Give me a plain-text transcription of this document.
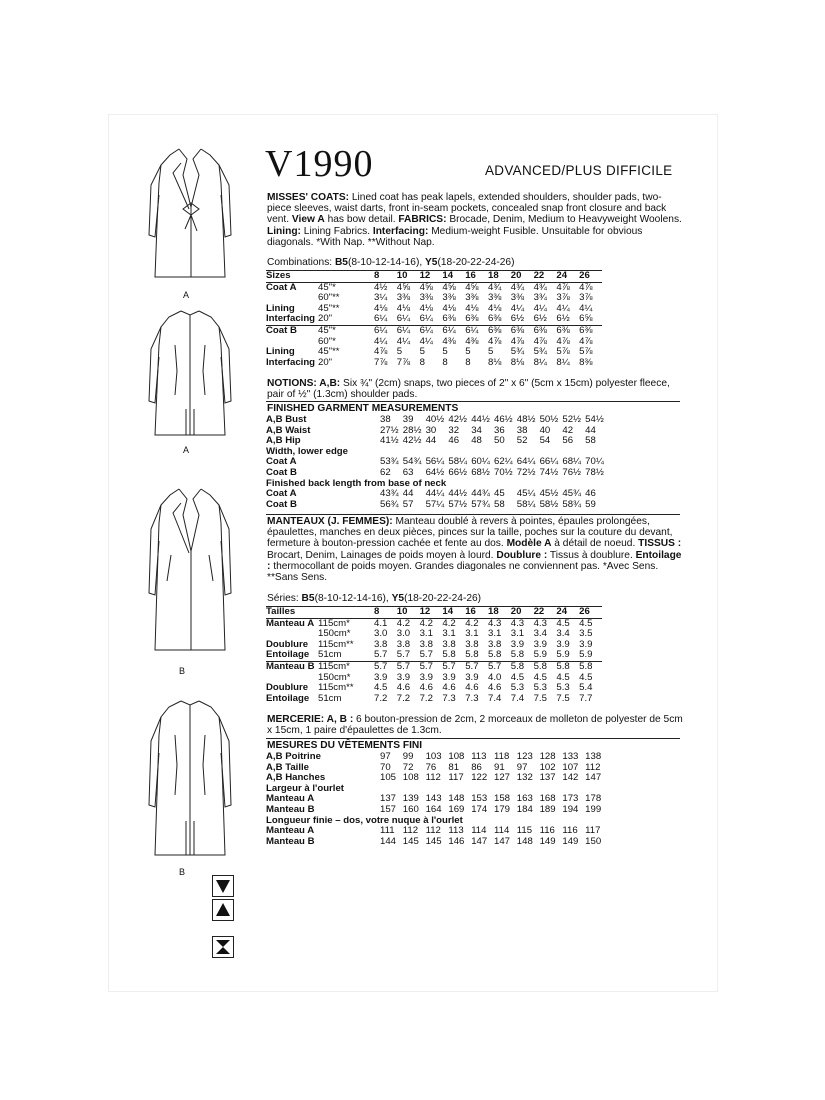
A
A
B
B
V1990	ADVANCED/PLUS DIFFICILE
MISSES' COATS: Lined coat has peak lapels, extended shoulders, shoulder pads, two-piece sleeves, waist darts, front in-seam pockets, concealed snap front closure and back vent. View A has bow detail. FABRICS: Brocade, Denim, Medium to Heavyweight Woolens. Lining: Lining Fabrics. Interfacing: Medium-weight Fusible. Unsuitable for obvious diagonals. *With Nap. **Without Nap.
Combinations: B5(8-10-12-14-16), Y5(18-20-22-24-26)
Sizes		8	10	12	14	16	18	20	22	24	26
Coat A	45"*	4½	4⅝	4⅝	4⅝	4⅝	4¾	4¾	4¾	4⅞	4⅞
	60"**	3¼	3⅜	3⅜	3⅜	3⅜	3⅜	3⅜	3¾	3⅞	3⅞
Lining	45"**	4⅛	4⅛	4⅛	4⅛	4⅛	4⅛	4¼	4¼	4¼	4¼
Interfacing	20"	6¼	6¼	6¼	6⅜	6⅜	6⅜	6½	6½	6½	6⅝
Coat B	45"*	6¼	6¼	6¼	6¼	6¼	6⅜	6⅜	6⅜	6⅜	6⅜
	60"*	4¼	4¼	4¼	4⅜	4⅜	4⅞	4⅞	4⅞	4⅞	4⅞
Lining	45"**	4⅞	5	5	5	5	5	5¾	5¾	5⅞	5⅞
Interfacing	20"	7⅞	7⅞	8	8	8	8⅛	8⅛	8¼	8¼	8⅜
NOTIONS: A,B: Six ¾" (2cm) snaps, two pieces of 2" x 6" (5cm x 15cm) polyester fleece, pair of ½" (1.3cm) shoulder pads.
FINISHED GARMENT MEASUREMENTS
A,B Bust	38	39	40½	42½	44½	46½	48½	50½	52½	54½
A,B Waist	27½	28½	30	32	34	36	38	40	42	44
A,B Hip	41½	42½	44	46	48	50	52	54	56	58
Width, lower edge										
Coat A	53¾	54¾	56¼	58¼	60¼	62¼	64¼	66¼	68¼	70¼
Coat B	62	63	64½	66½	68½	70½	72½	74½	76½	78½
Finished back length from base of neck										
Coat A	43¾	44	44¼	44½	44¾	45	45¼	45½	45¾	46
Coat B	56¾	57	57¼	57½	57¾	58	58¼	58½	58¾	59
MANTEAUX (J. FEMMES): Manteau doublé à revers à pointes, épaules prolongées, épaulettes, manches en deux pièces, pinces sur la taille, poches sur la couture du devant, fermeture à bouton-pression cachée et fente au dos. Modèle A à détail de noeud. TISSUS : Brocart, Denim, Lainages de poids moyen à lourd. Doublure : Tissus à doublure. Entoilage : thermocollant de poids moyen. Grandes diagonales ne conviennent pas. *Avec Sens. **Sans Sens.
Séries: B5(8-10-12-14-16), Y5(18-20-22-24-26)
Tailles		8	10	12	14	16	18	20	22	24	26
Manteau A	115cm*	4.1	4.2	4.2	4.2	4.2	4.3	4.3	4.3	4.5	4.5
	150cm*	3.0	3.0	3.1	3.1	3.1	3.1	3.1	3.4	3.4	3.5
Doublure	115cm**	3.8	3.8	3.8	3.8	3.8	3.8	3.9	3.9	3.9	3.9
Entoilage	51cm	5.7	5.7	5.7	5.8	5.8	5.8	5.8	5.9	5.9	5.9
Manteau B	115cm*	5.7	5.7	5.7	5.7	5.7	5.7	5.8	5.8	5.8	5.8
	150cm*	3.9	3.9	3.9	3.9	3.9	4.0	4.5	4.5	4.5	4.5
Doublure	115cm**	4.5	4.6	4.6	4.6	4.6	4.6	5.3	5.3	5.3	5.4
Entoilage	51cm	7.2	7.2	7.2	7.3	7.3	7.4	7.4	7.5	7.5	7.7
MERCERIE: A, B : 6 bouton-pression de 2cm, 2 morceaux de molleton de polyester de 5cm x 15cm, 1 paire d'épaulettes de 1.3cm.
MESURES DU VÊTEMENTS FINI
A,B Poitrine	97	99	103	108	113	118	123	128	133	138
A,B Taille	70	72	76	81	86	91	97	102	107	112
A,B Hanches	105	108	112	117	122	127	132	137	142	147
Largeur à l'ourlet										
Manteau A	137	139	143	148	153	158	163	168	173	178
Manteau B	157	160	164	169	174	179	184	189	194	199
Longueur finie – dos, votre nuque à l'ourlet										
Manteau A	111	112	112	113	114	114	115	116	116	117
Manteau B	144	145	145	146	147	147	148	149	149	150
